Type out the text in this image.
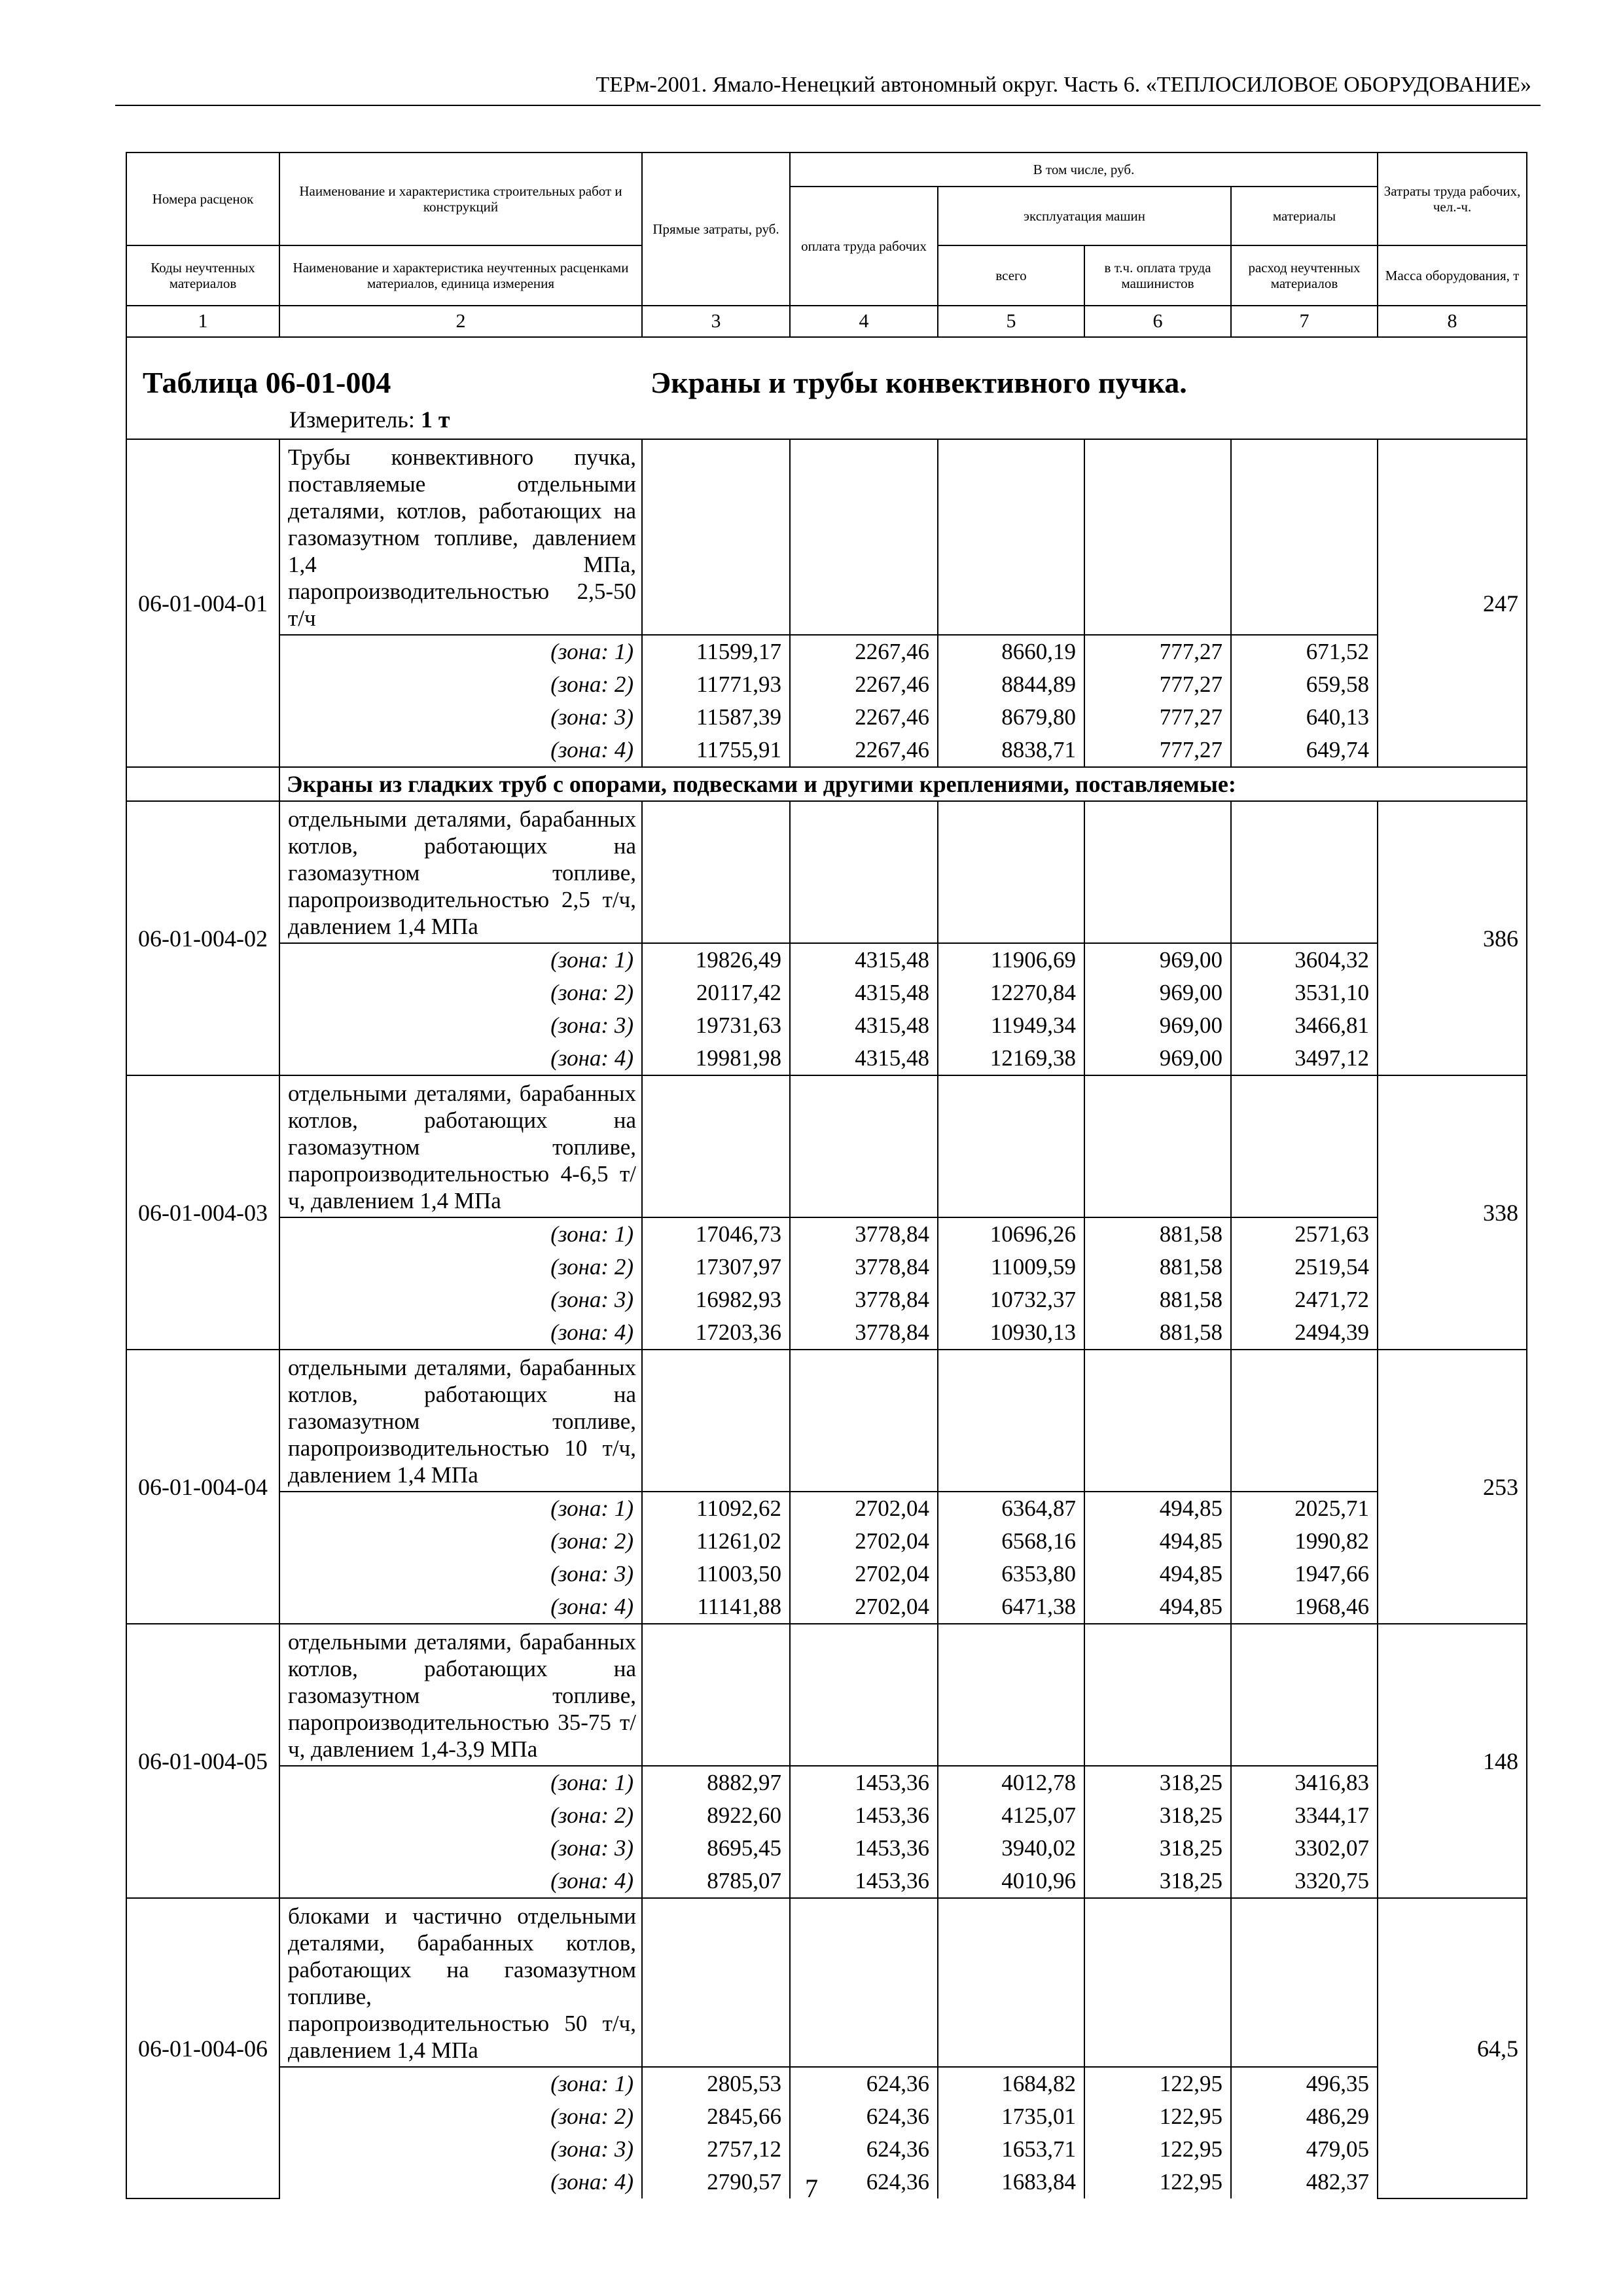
ТЕРм-2001. Ямало-Ненецкий автономный округ. Часть 6. «ТЕПЛОСИЛОВОЕ ОБОРУДОВАНИЕ»
Номера расценок	Наименование и характеристика строительных работ и конструкций	Прямые затраты, руб.	В том числе, руб.				Затраты труда рабочих, чел.-ч.
			оплата труда рабочих	эксплуатация машин		материалы	
Коды неучтенных материалов	Наименование и характеристика неучтенных расценками материалов, единица измерения			всего	в т.ч. оплата труда машинистов	расход неучтенных материалов	Масса оборудования, т
1	2	3	4	5	6	7	8

Таблица 06-01-004 Экраны и трубы конвективного пучка.
Измеритель: 1 т							

06-01-004-01	Трубы конвективного пучка, поставляемые отдельными деталями, котлов, работающих на газомазутном топливе, давлением 1,4 МПа, паропроизводительностью 2,5-50 т/ч						247
	(зона: 1)	11599,17	2267,46	8660,19	777,27	671,52	
	(зона: 2)	11771,93	2267,46	8844,89	777,27	659,58	
	(зона: 3)	11587,39	2267,46	8679,80	777,27	640,13	
	(зона: 4)	11755,91	2267,46	8838,71	777,27	649,74	
	Экраны из гладких труб с опорами, подвесками и другими креплениями, поставляемые:						
06-01-004-02	отдельными деталями, барабанных котлов, работающих на газомазутном топливе, паропроизводительностью 2,5 т/ч, давлением 1,4 МПа						386
	(зона: 1)	19826,49	4315,48	11906,69	969,00	3604,32	
	(зона: 2)	20117,42	4315,48	12270,84	969,00	3531,10	
	(зона: 3)	19731,63	4315,48	11949,34	969,00	3466,81	
	(зона: 4)	19981,98	4315,48	12169,38	969,00	3497,12	
06-01-004-03	отдельными деталями, барабанных котлов, работающих на газомазутном топливе, паропроизводительностью 4-6,5 т/ч, давлением 1,4 МПа						338
	(зона: 1)	17046,73	3778,84	10696,26	881,58	2571,63	
	(зона: 2)	17307,97	3778,84	11009,59	881,58	2519,54	
	(зона: 3)	16982,93	3778,84	10732,37	881,58	2471,72	
	(зона: 4)	17203,36	3778,84	10930,13	881,58	2494,39	
06-01-004-04	отдельными деталями, барабанных котлов, работающих на газомазутном топливе, паропроизводительностью 10 т/ч, давлением 1,4 МПа						253
	(зона: 1)	11092,62	2702,04	6364,87	494,85	2025,71	
	(зона: 2)	11261,02	2702,04	6568,16	494,85	1990,82	
	(зона: 3)	11003,50	2702,04	6353,80	494,85	1947,66	
	(зона: 4)	11141,88	2702,04	6471,38	494,85	1968,46	
06-01-004-05	отдельными деталями, барабанных котлов, работающих на газомазутном топливе, паропроизводительностью 35-75 т/ч, давлением 1,4-3,9 МПа						148
	(зона: 1)	8882,97	1453,36	4012,78	318,25	3416,83	
	(зона: 2)	8922,60	1453,36	4125,07	318,25	3344,17	
	(зона: 3)	8695,45	1453,36	3940,02	318,25	3302,07	
	(зона: 4)	8785,07	1453,36	4010,96	318,25	3320,75	
06-01-004-06	блоками и частично отдельными деталями, барабанных котлов, работающих на газомазутном топливе, паропроизводительностью 50 т/ч, давлением 1,4 МПа						64,5
	(зона: 1)	2805,53	624,36	1684,82	122,95	496,35	
	(зона: 2)	2845,66	624,36	1735,01	122,95	486,29	
	(зона: 3)	2757,12	624,36	1653,71	122,95	479,05	
	(зона: 4)	2790,57	624,36	1683,84	122,95	482,37	
7
